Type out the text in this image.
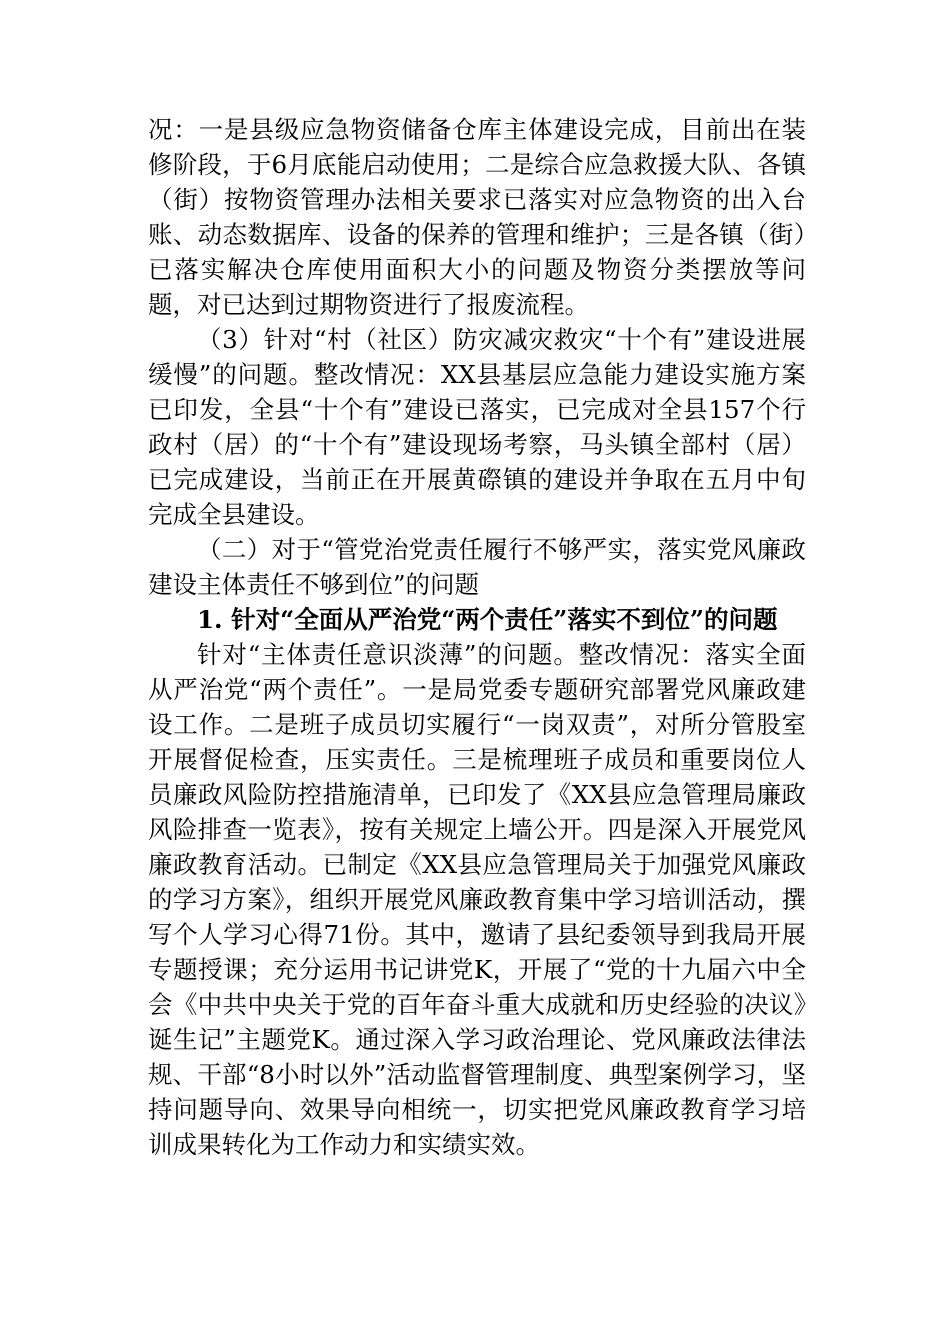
况：一是县级应急物资储备仓库主体建设完成，目前出在装修阶段，于6月底能启动使用；二是综合应急救援大队、各镇（街）按物资管理办法相关要求已落实对应急物资的出入台账、动态数据库、设备的保养的管理和维护；三是各镇（街）已落实解决仓库使用面积大小的问题及物资分类摆放等问题，对已达到过期物资进行了报废流程。

（3）针对“村（社区）防灾减灾救灾“十个有”建设进展缓慢”的问题。整改情况：XX县基层应急能力建设实施方案已印发，全县“十个有”建设已落实，已完成对全县157个行政村（居）的“十个有”建设现场考察，马头镇全部村（居）已完成建设，当前正在开展黄磜镇的建设并争取在五月中旬完成全县建设。

（二）对于“管党治党责任履行不够严实，落实党风廉政建设主体责任不够到位”的问题

1. 针对“全面从严治党“两个责任”落实不到位”的问题

针对“主体责任意识淡薄”的问题。整改情况：落实全面从严治党“两个责任”。一是局党委专题研究部署党风廉政建设工作。二是班子成员切实履行“一岗双责”，对所分管股室开展督促检查，压实责任。三是梳理班子成员和重要岗位人员廉政风险防控措施清单，已印发了《XX县应急管理局廉政风险排查一览表》，按有关规定上墙公开。四是深入开展党风廉政教育活动。已制定《XX县应急管理局关于加强党风廉政的学习方案》，组织开展党风廉政教育集中学习培训活动，撰写个人学习心得71份。其中，邀请了县纪委领导到我局开展专题授课；充分运用书记讲党K，开展了“党的十九届六中全会《中共中央关于党的百年奋斗重大成就和历史经验的决议》诞生记”主题党K。通过深入学习政治理论、党风廉政法律法规、干部“8小时以外”活动监督管理制度、典型案例学习，坚持问题导向、效果导向相统一，切实把党风廉政教育学习培训成果转化为工作动力和实绩实效。
